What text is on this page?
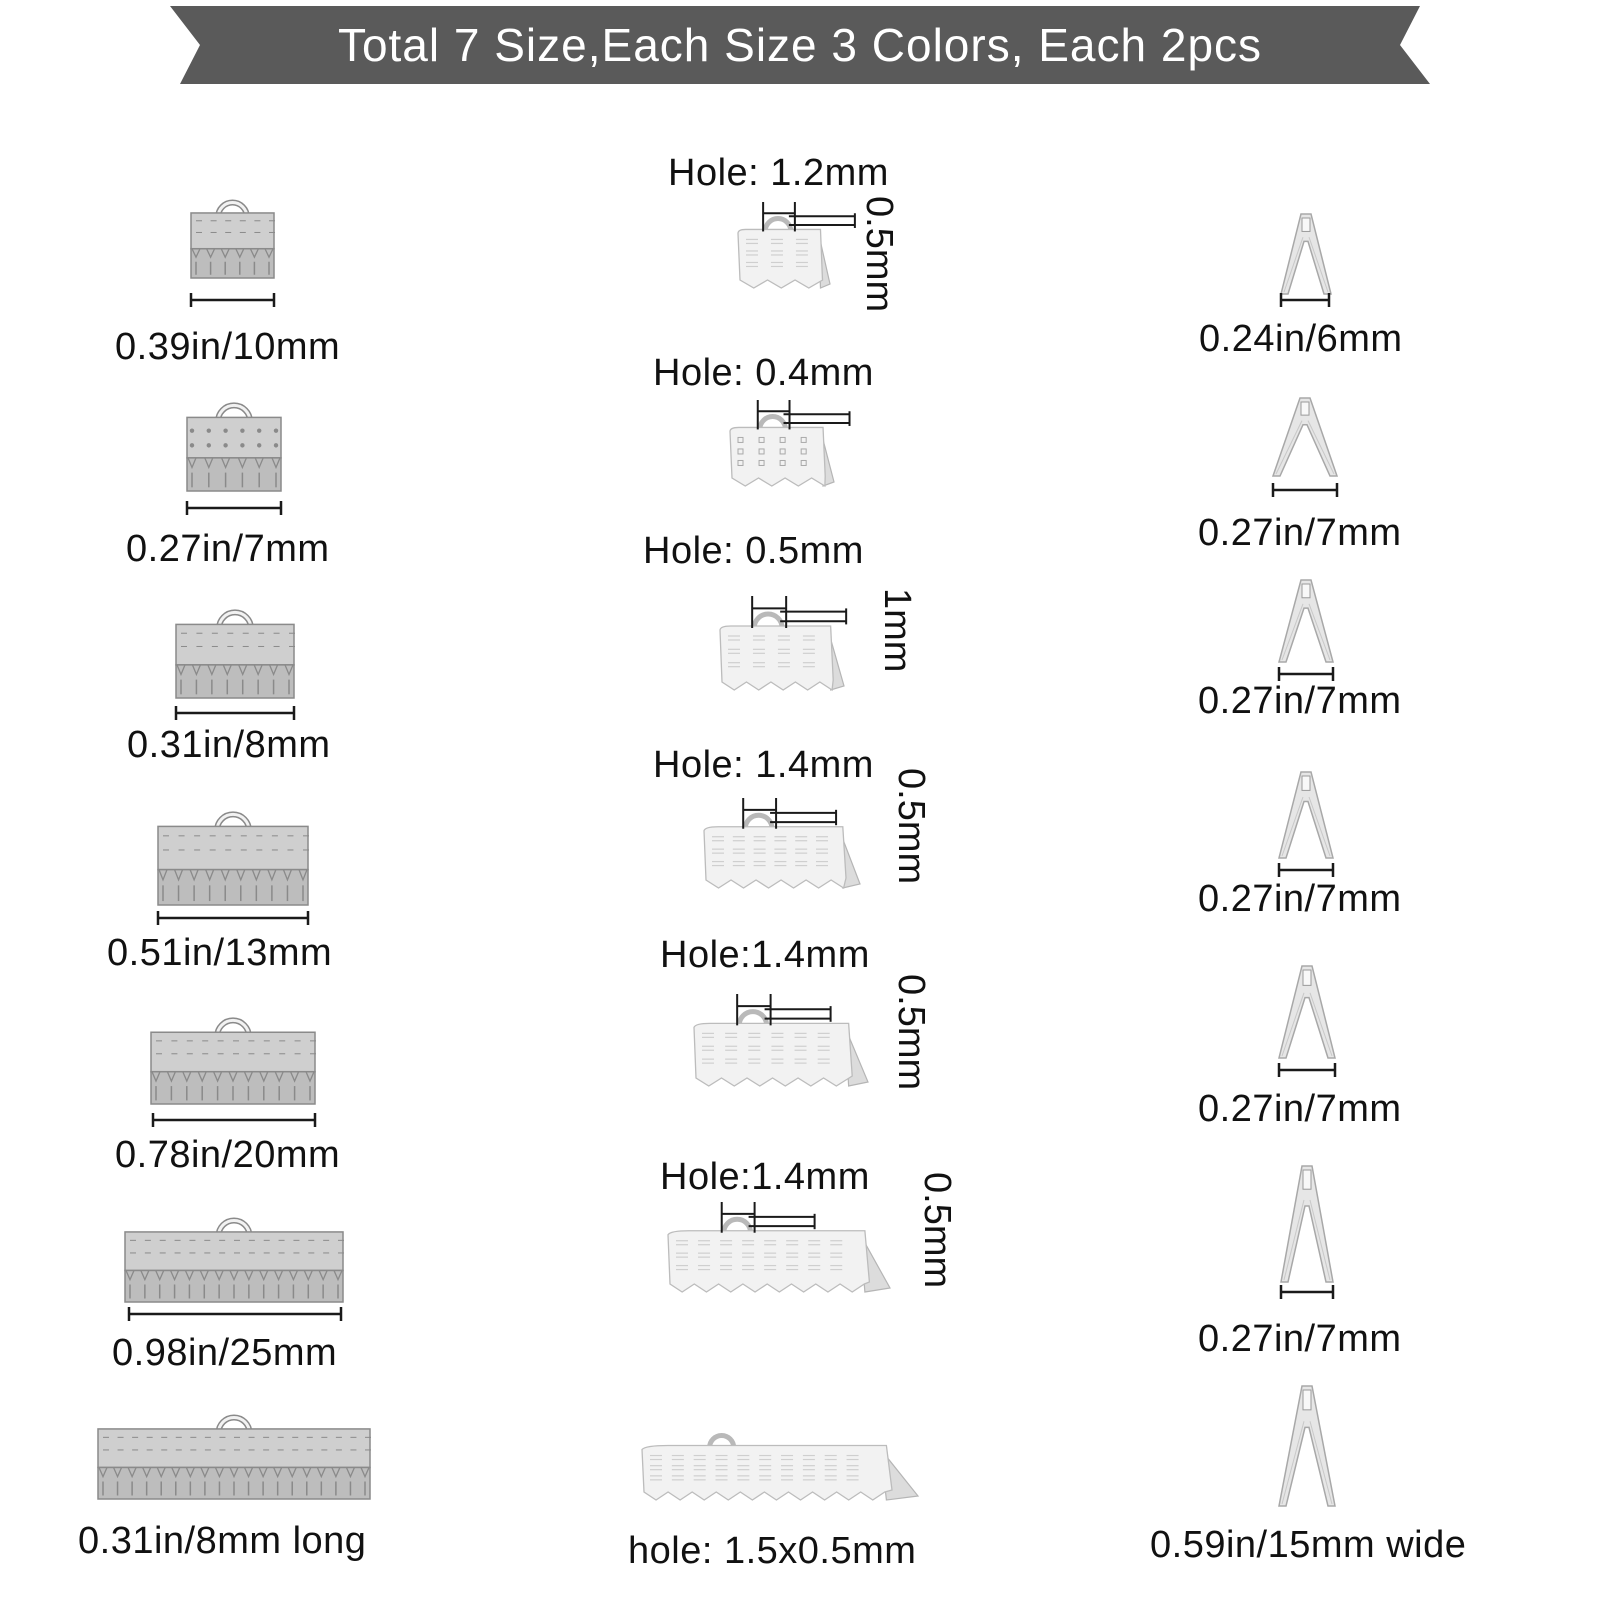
Total 7 Size,Each Size 3 Colors, Each 2pcs
0.39in/10mm
0.27in/7mm
0.31in/8mm
0.51in/13mm
0.78in/20mm
0.98in/25mm
0.31in/8mm long
Hole: 1.2mm
0.5mm
Hole: 0.4mm
Hole: 0.5mm
1mm
Hole: 1.4mm
0.5mm
Hole:1.4mm
0.5mm
Hole:1.4mm 0.5mm
hole: 1.5x0.5mm
0.24in/6mm
0.27in/7mm
0.27in/7mm
0.27in/7mm
0.27in/7mm
0.27in/7mm
0.59in/15mm wide
